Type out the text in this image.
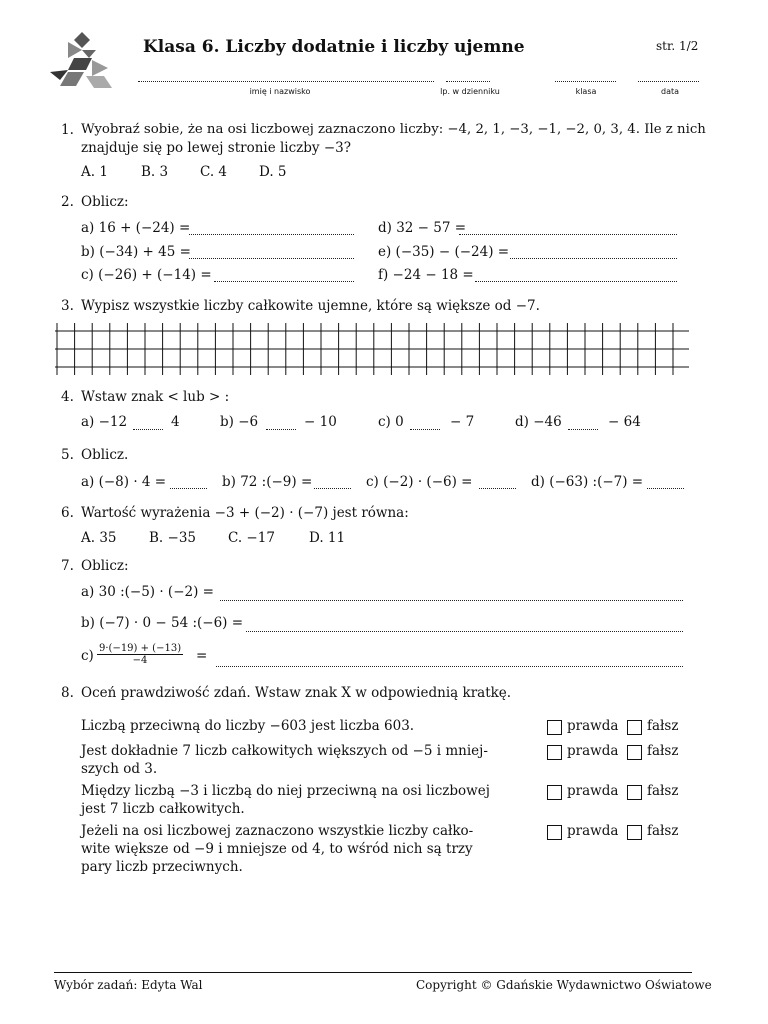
Klasa 6. Liczby dodatnie i liczby ujemne	str. 1/2
imię i nazwisko	lp. w dzienniku	klasa	data
1. Wyobraź sobie, że na osi liczbowej zaznaczono liczby: −4, 2, 1, −3, −1, −2, 0, 3, 4. Ile z nich
znajduje się po lewej stronie liczby −3?
A. 1 B. 3 C. 4 D. 5
2. Oblicz:
a) 16 + (−24) =	d) 32 − 57 =
b) (−34) + 45 =	e) (−35) − (−24) =
c) (−26) + (−14) =	f) −24 − 18 =
3. Wypisz wszystkie liczby całkowite ujemne, które są większe od −7.
4. Wstaw znak < lub > :
a) −12	4	b) −6	− 10	c) 0	− 7	d) −46	− 64
5. Oblicz.
a) (−8) · 4 =	b) 72 :(−9) =	c) (−2) · (−6) =	d) (−63) :(−7) =
6. Wartość wyrażenia −3 + (−2) · (−7) jest równa:
A. 35 B. −35 C. −17	D. 11
7. Oblicz:
a) 30 :(−5) · (−2) =
b) (−7) · 0 − 54 :(−6) =
$c) \frac{9\cdot(-19) + (-13)}{-4}$ =
8. Oceń prawdziwość zdań. Wstaw znak X w odpowiednią kratkę.
Liczbą przeciwną do liczby −603 jest liczba 603.	prawda fałsz
Jest dokładnie 7 liczb całkowitych większych od −5 i mniej-
szych od 3.
prawda fałsz
Między liczbą −3 i liczbą do niej przeciwną na osi liczbowej
jest 7 liczb całkowitych.
prawda fałsz
Jeżeli na osi liczbowej zaznaczono wszystkie liczby całko-
wite większe od −9 i mniejsze od 4, to wśród nich są trzy
pary liczb przeciwnych.
prawda fałsz
Wybór zadań: Edyta Wal	Copyright © Gdańskie Wydawnictwo Oświatowe
